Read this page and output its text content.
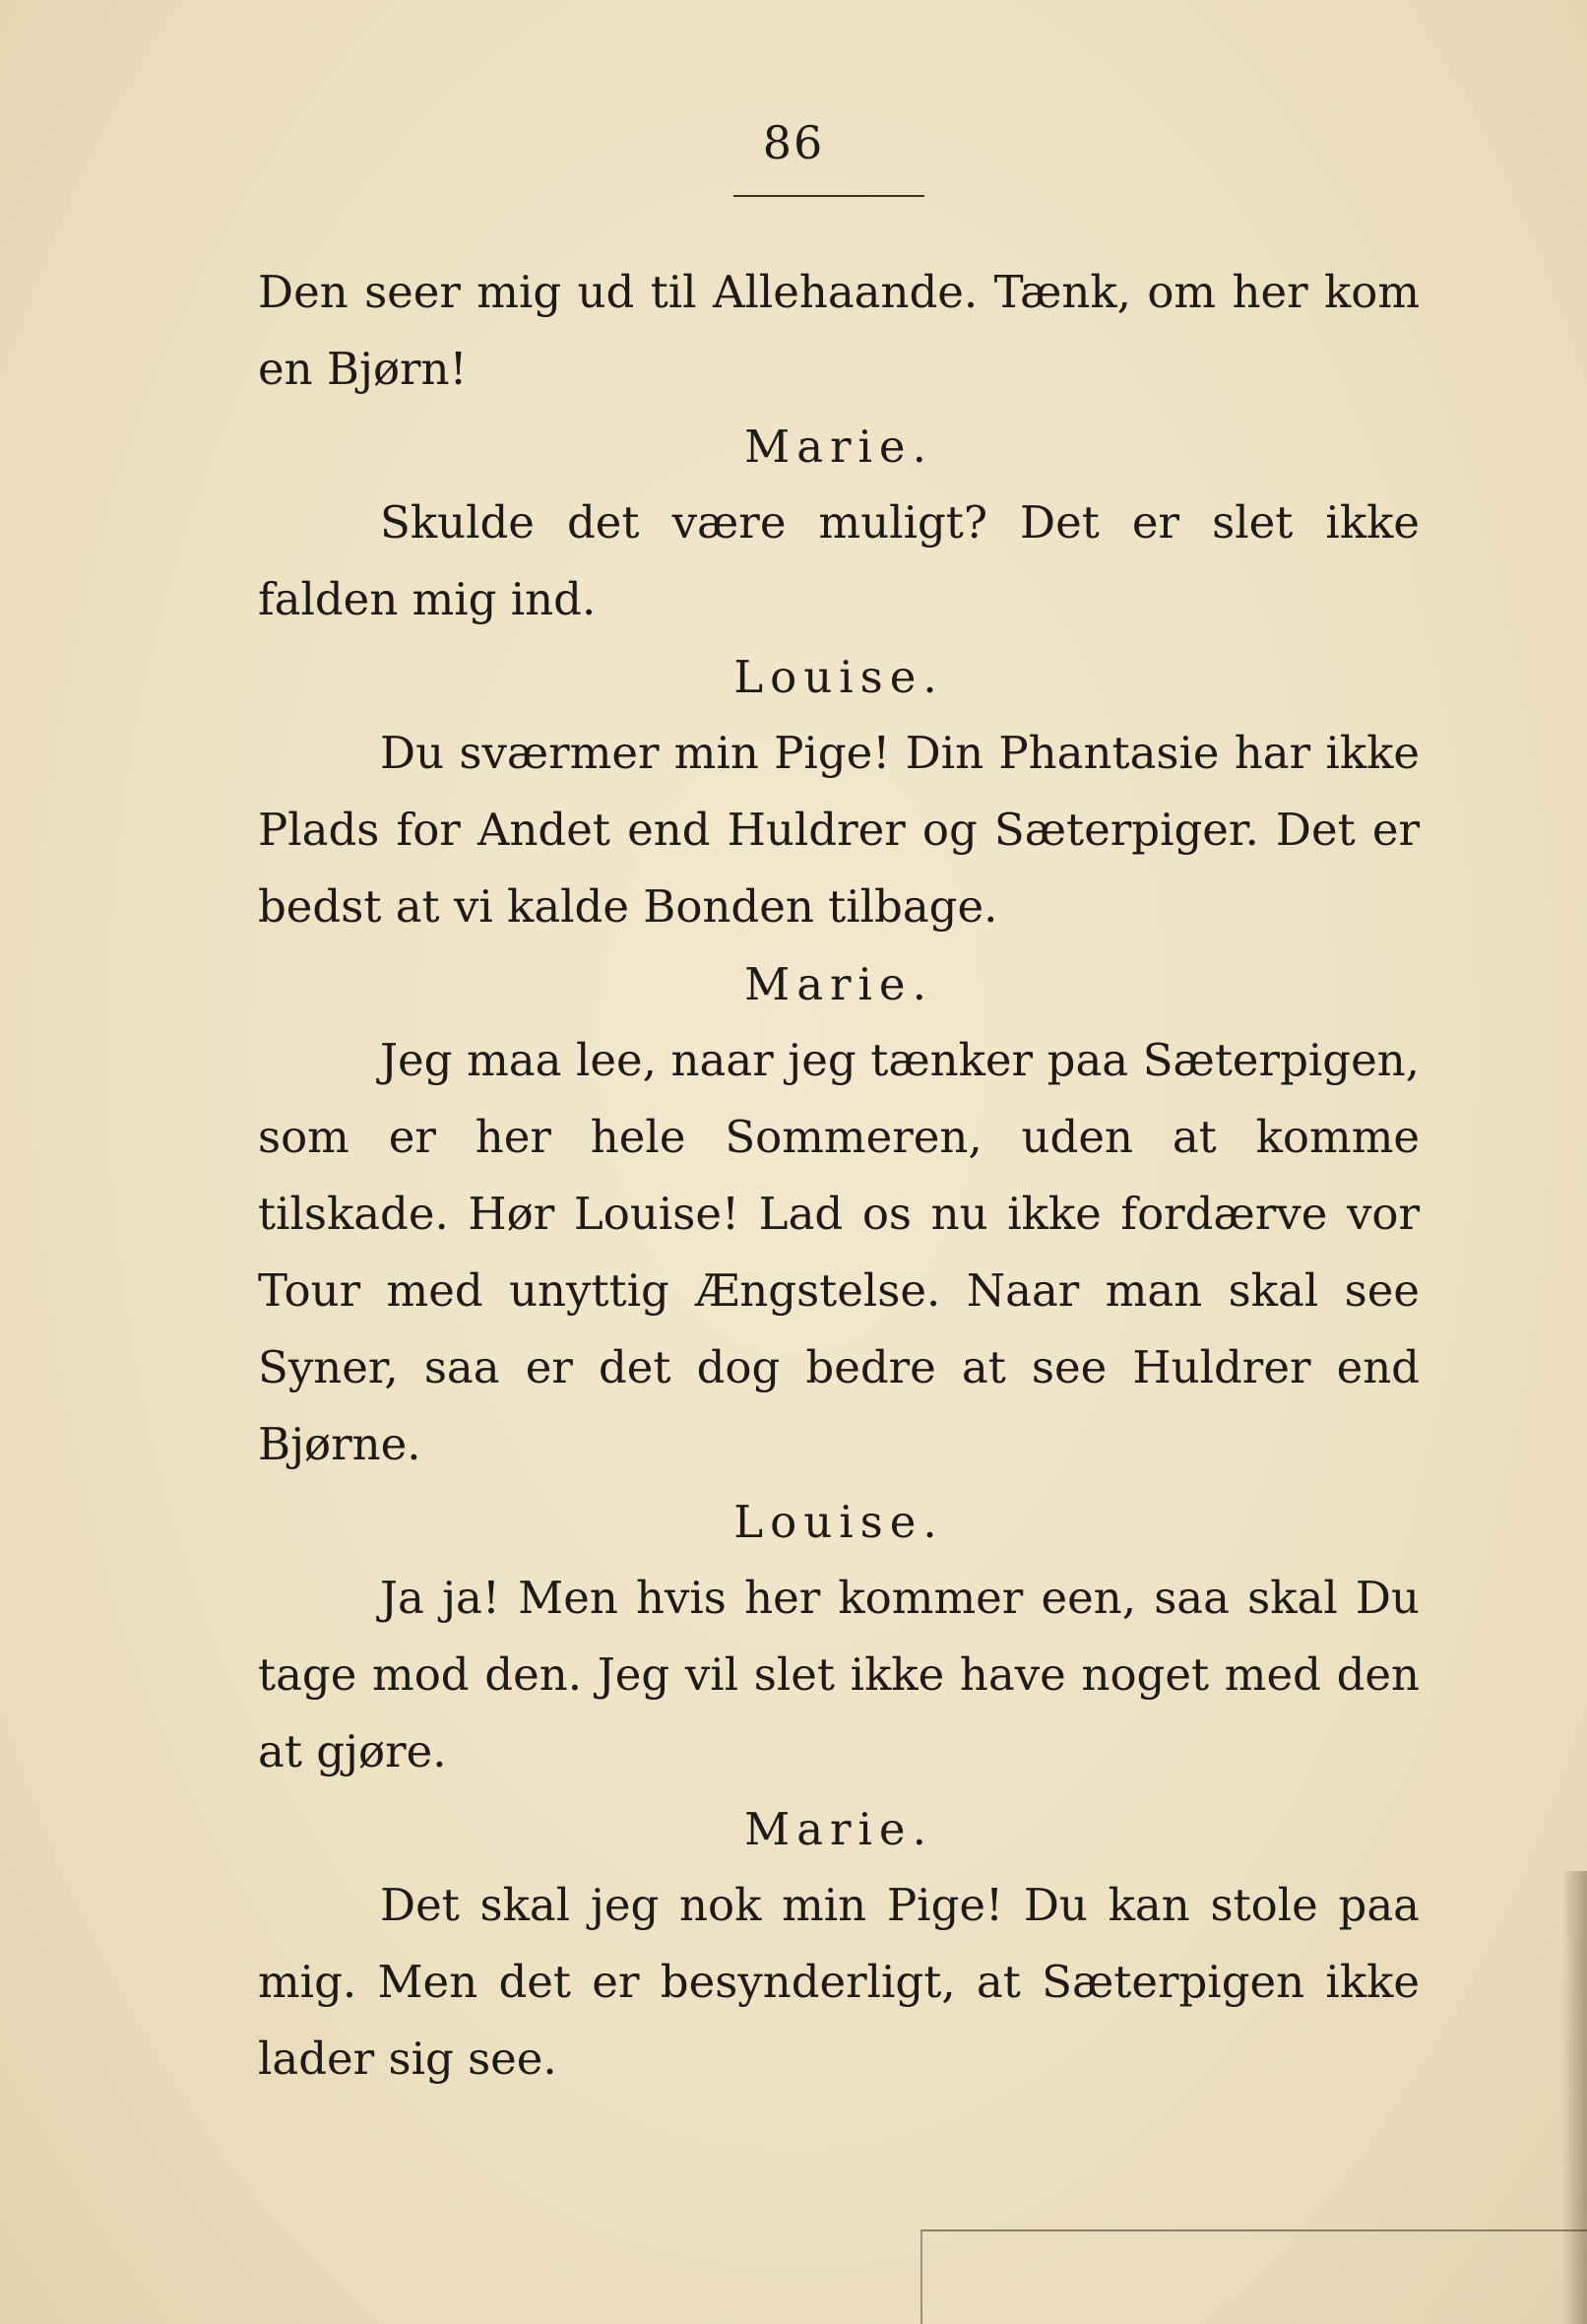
86

Den seer mig ud til Allehaande. Tænk, om her kom en Bjørn!

Marie.

Skulde det være muligt? Det er slet ikke falden mig ind.

Louise.

Du sværmer min Pige! Din Phantasie har ikke Plads for Andet end Huldrer og Sæterpiger. Det er bedst at vi kalde Bonden tilbage.

Marie.

Jeg maa lee, naar jeg tænker paa Sæterpigen, som er her hele Sommeren, uden at komme tilskade. Hør Louise! Lad os nu ikke fordærve vor Tour med unyttig Ængstelse. Naar man skal see Syner, saa er det dog bedre at see Huldrer end Bjørne.

Louise.

Ja ja! Men hvis her kommer een, saa skal Du tage mod den. Jeg vil slet ikke have noget med den at gjøre.

Marie.

Det skal jeg nok min Pige! Du kan stole paa mig. Men det er besynderligt, at Sæterpigen ikke lader sig see.
